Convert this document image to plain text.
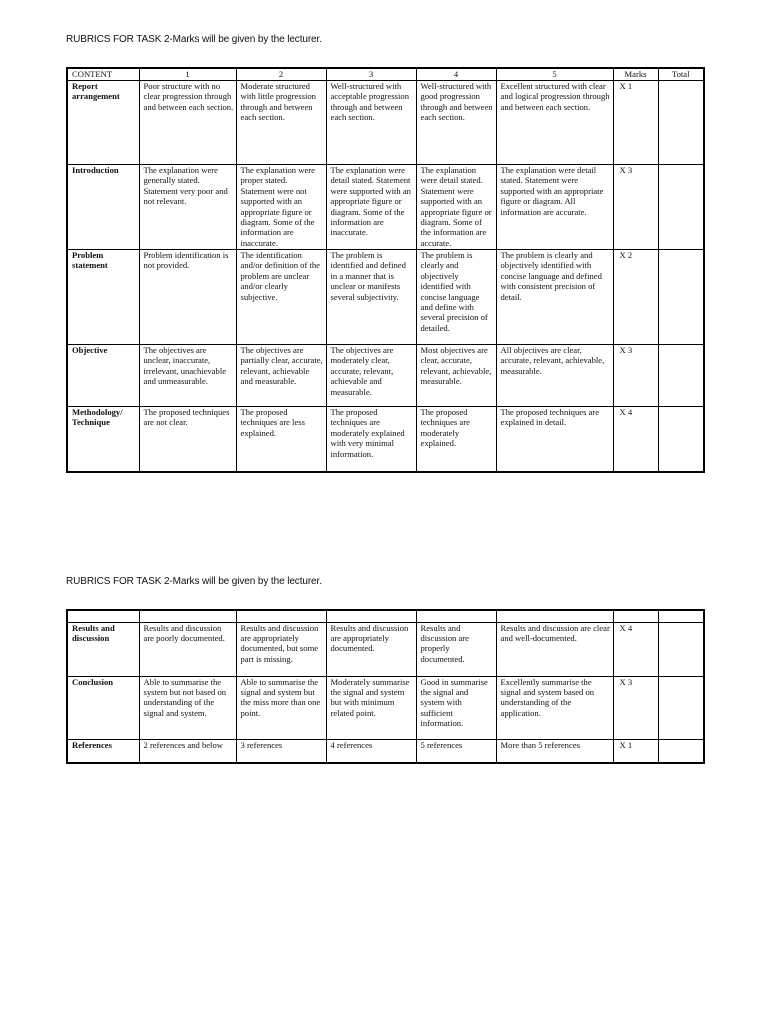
RUBRICS FOR TASK 2-Marks will be given by the lecturer.
CONTENT	1	2	3	4	5	Marks	Total
Report arrangement	Poor structure with no clear progression through and between each section.	Moderate structured with little progression through and between each section.	Well-structured with acceptable progression through and between each section.	Well-structured with good progression through and between each section.	Excellent structured with clear and logical progression through and between each section.	X 1	
Introduction	The explanation were generally stated. Statement very poor and not relevant.	The explanation were proper stated. Statement were not supported with an appropriate figure or diagram. Some of the information are inaccurate.	The explanation were detail stated. Statement were supported with an appropriate figure or diagram. Some of the information are inaccurate.	The explanation were detail stated. Statement were supported with an appropriate figure or diagram. Some of the information are accurate.	The explanation were detail stated. Statement were supported with an appropriate figure or diagram. All information are accurate.	X 3	
Problem statement	Problem identification is not provided.	The identification and/or definition of the problem are unclear and/or clearly subjective.	The problem is identified and defined in a manner that is unclear or manifests several subjectivity.	The problem is clearly and objectively identified with concise language and define with several precision of detailed.	The problem is clearly and objectively identified with concise language and defined with consistent precision of detail.	X 2	
Objective	The objectives are unclear, inaccurate, irrelevant, unachievable and unmeasurable.	The objectives are partially clear, accurate, relevant, achievable and measurable.	The objectives are moderately clear, accurate, relevant, achievable and measurable.	Most objectives are clear, accurate, relevant, achievable, measurable.	All objectives are clear, accurate, relevant, achievable, measurable.	X 3	
Methodology/ Technique	The proposed techniques are not clear.	The proposed techniques are less explained.	The proposed techniques are moderately explained with very minimal information.	The proposed techniques are moderately explained.	The proposed techniques are explained in detail.	X 4	
RUBRICS FOR TASK 2-Marks will be given by the lecturer.

Results and discussion	Results and discussion are poorly documented.	Results and discussion are appropriately documented, but some part is missing.	Results and discussion are appropriately documented.	Results and discussion are properly documented.	Results and discussion are clear and well-documented.	X 4	
Conclusion	Able to summarise the system but not based on understanding of the signal and system.	Able to summarise the signal and system but the miss more than one point.	Moderately summarise the signal and system but with minimum related point.	Good in summarise the signal and system with sufficient information.	Excellently summarise the signal and system based on understanding of the application.	X 3	
References	2 references and below	3 references	4 references	5 references	More than 5 references	X 1	
